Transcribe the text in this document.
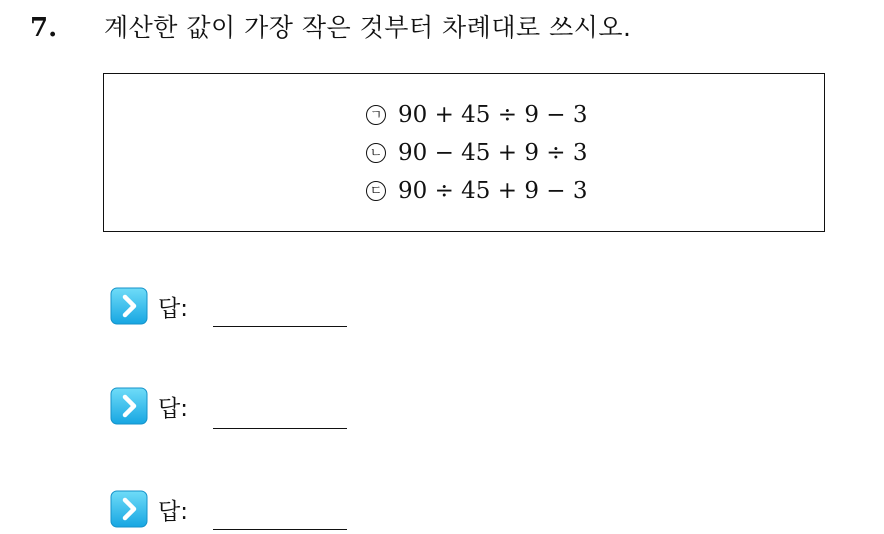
7. 계산한 값이 가장 작은 것부터 차례대로 쓰시오.
ㄱ 90 + 45 ÷ 9 − 3
ㄴ 90 − 45 + 9 ÷ 3
ㄷ 90 ÷ 45 + 9 − 3
답:
답:
답:
